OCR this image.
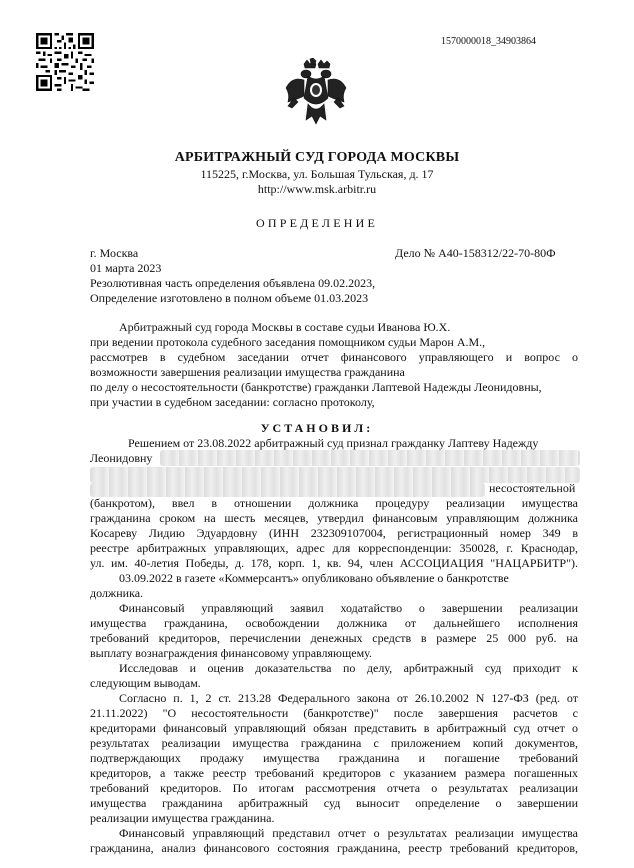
1570000018_34903864
АРБИТРАЖНЫЙ СУД ГОРОДА МОСКВЫ
115225, г.Москва, ул. Большая Тульская, д. 17
http://www.msk.arbitr.ru
ОПРЕДЕЛЕНИЕ
г. Москва	Дело № А40-158312/22-70-80Ф
01 марта 2023
Резолютивная часть определения объявлена 09.02.2023,
Определение изготовлено в полном объеме 01.03.2023
Арбитражный суд города Москвы в составе судьи Иванова Ю.Х.
при ведении протокола судебного заседания помощником судьи Марон А.М.,
рассмотрев в судебном заседании отчет финансового управляющего и вопрос о
возможности завершения реализации имущества гражданина
по делу о несостоятельности (банкротстве) гражданки Лаптевой Надежды Леонидовны,
при участии в судебном заседании: согласно протоколу,
УСТАНОВИЛ:
Решением от 23.08.2022 арбитражный суд признал гражданку Лаптеву Надежду
Леонидовну
несостоятельной
(банкротом), ввел в отношении должника процедуру реализации имущества
гражданина сроком на шесть месяцев, утвердил финансовым управляющим должника
Косареву Лидию Эдуардовну (ИНН 232309107004, регистрационный номер 349 в
реестре арбитражных управляющих, адрес для корреспонденции: 350028, г. Краснодар,
ул. им. 40-летия Победы, д. 178, корп. 1, кв. 94, член АССОЦИАЦИЯ "НАЦАРБИТР").
03.09.2022 в газете «Коммерсантъ» опубликовано объявление о банкротстве
должника.
Финансовый управляющий заявил ходатайство о завершении реализации
имущества гражданина, освобождении должника от дальнейшего исполнения
требований кредиторов, перечислении денежных средств в размере 25 000 руб. на
выплату вознаграждения финансовому управляющему.
Исследовав и оценив доказательства по делу, арбитражный суд приходит к
следующим выводам.
Согласно п. 1, 2 ст. 213.28 Федерального закона от 26.10.2002 N 127-ФЗ (ред. от
21.11.2022) "О несостоятельности (банкротстве)" после завершения расчетов с
кредиторами финансовый управляющий обязан представить в арбитражный суд отчет о
результатах реализации имущества гражданина с приложением копий документов,
подтверждающих продажу имущества гражданина и погашение требований
кредиторов, а также реестр требований кредиторов с указанием размера погашенных
требований кредиторов. По итогам рассмотрения отчета о результатах реализации
имущества гражданина арбитражный суд выносит определение о завершении
реализации имущества гражданина.
Финансовый управляющий представил отчет о результатах реализации имущества
гражданина, анализ финансового состояния гражданина, реестр требований кредиторов,
